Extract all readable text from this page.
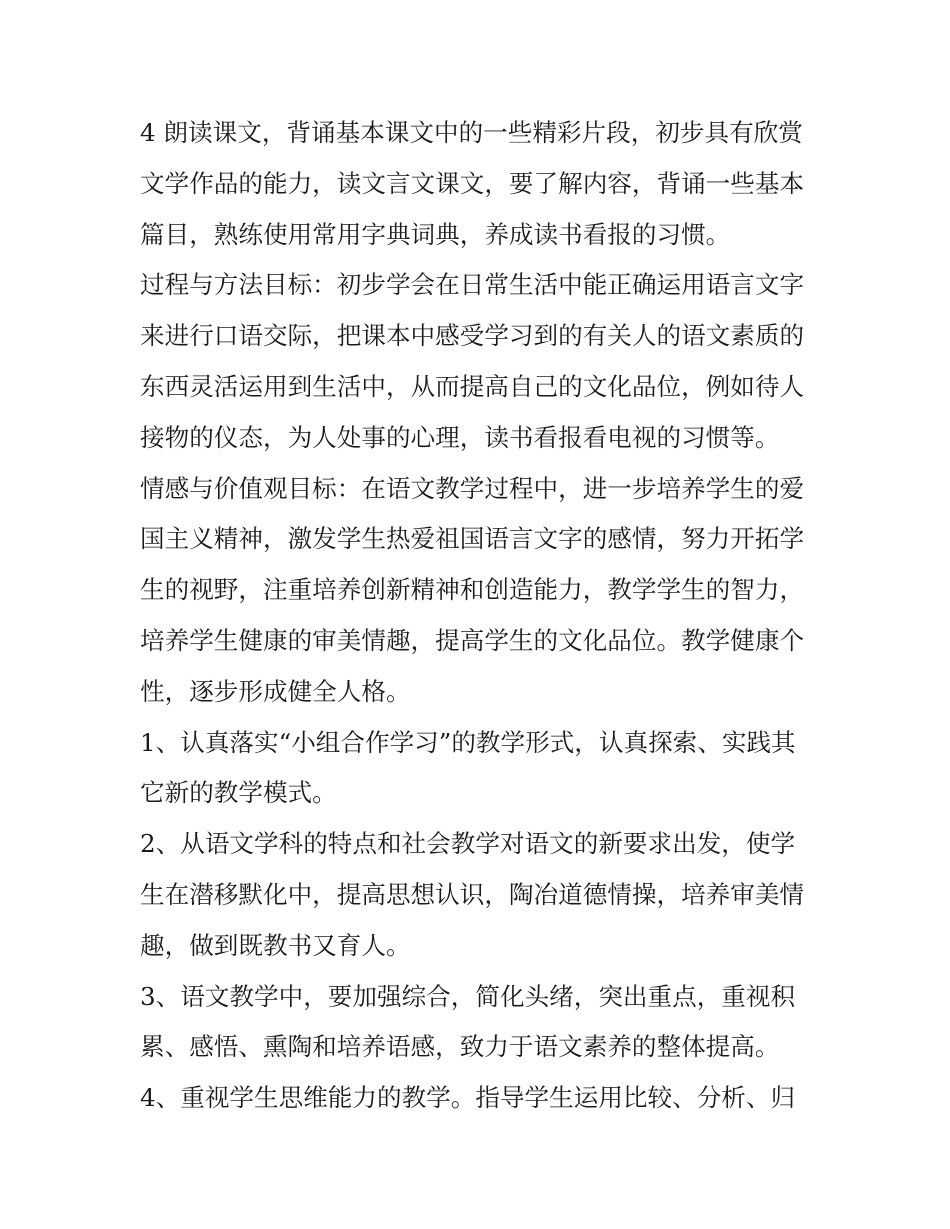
4 朗读课文，背诵基本课文中的一些精彩片段，初步具有欣赏
文学作品的能力，读文言文课文，要了解内容，背诵一些基本
篇目，熟练使用常用字典词典，养成读书看报的习惯。

过程与方法目标：初步学会在日常生活中能正确运用语言文字
来进行口语交际，把课本中感受学习到的有关人的语文素质的
东西灵活运用到生活中，从而提高自己的文化品位，例如待人
接物的仪态，为人处事的心理，读书看报看电视的习惯等。

情感与价值观目标：在语文教学过程中，进一步培养学生的爱
国主义精神，激发学生热爱祖国语言文字的感情，努力开拓学
生的视野，注重培养创新精神和创造能力，教学学生的智力，
培养学生健康的审美情趣，提高学生的文化品位。教学健康个
性，逐步形成健全人格。

1、认真落实“小组合作学习”的教学形式，认真探索、实践其
它新的教学模式。

2、从语文学科的特点和社会教学对语文的新要求出发，使学
生在潜移默化中，提高思想认识，陶冶道德情操，培养审美情
趣，做到既教书又育人。

3、语文教学中，要加强综合，简化头绪，突出重点，重视积
累、感悟、熏陶和培养语感，致力于语文素养的整体提高。

4、重视学生思维能力的教学。指导学生运用比较、分析、归
